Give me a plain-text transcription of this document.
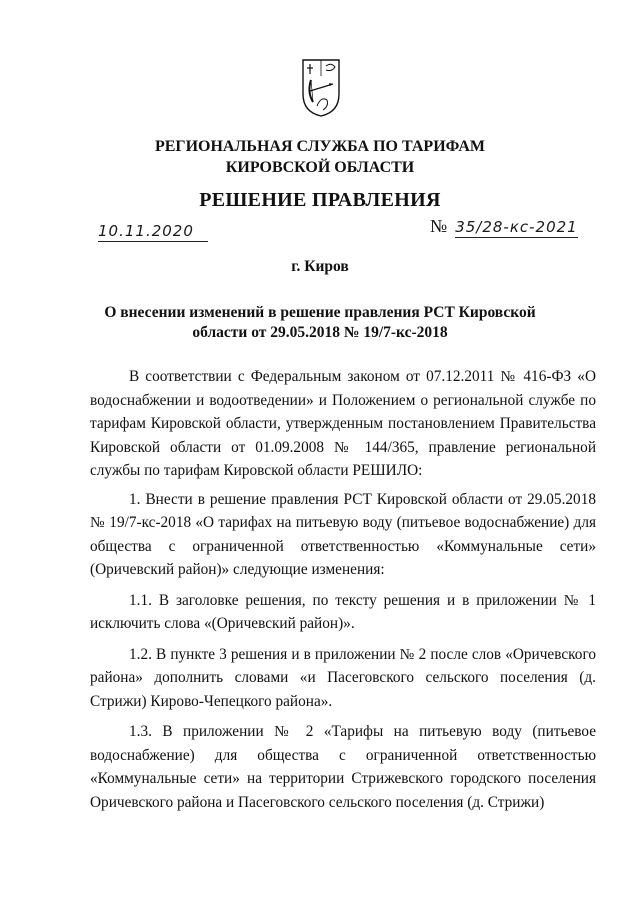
РЕГИОНАЛЬНАЯ СЛУЖБА ПО ТАРИФАМ
КИРОВСКОЙ ОБЛАСТИ
РЕШЕНИЕ ПРАВЛЕНИЯ
10.11.2020	№ 35/28-кс-2021
г. Киров
О внесении изменений в решение правления РСТ Кировской
области от 29.05.2018 № 19/7-кс-2018

В соответствии с Федеральным законом от 07.12.2011 № 416-ФЗ «О водоснабжении и водоотведении» и Положением о региональной службе по тарифам Кировской области, утвержденным постановлением Правительства Кировской области от 01.09.2008 № 144/365, правление региональной службы по тарифам Кировской области РЕШИЛО:

1. Внести в решение правления РСТ Кировской области от 29.05.2018 № 19/7-кс-2018 «О тарифах на питьевую воду (питьевое водоснабжение) для общества с ограниченной ответственностью «Коммунальные сети» (Оричевский район)» следующие изменения:

1.1. В заголовке решения, по тексту решения и в приложении № 1 исключить слова «(Оричевский район)».

1.2. В пункте 3 решения и в приложении № 2 после слов «Оричевского района» дополнить словами «и Пасеговского сельского поселения (д. Стрижи) Кирово-Чепецкого района».

1.3. В приложении № 2 «Тарифы на питьевую воду (питьевое водоснабжение) для общества с ограниченной ответственностью «Коммунальные сети» на территории Стрижевского городского поселения Оричевского района и Пасеговского сельского поселения (д. Стрижи)
